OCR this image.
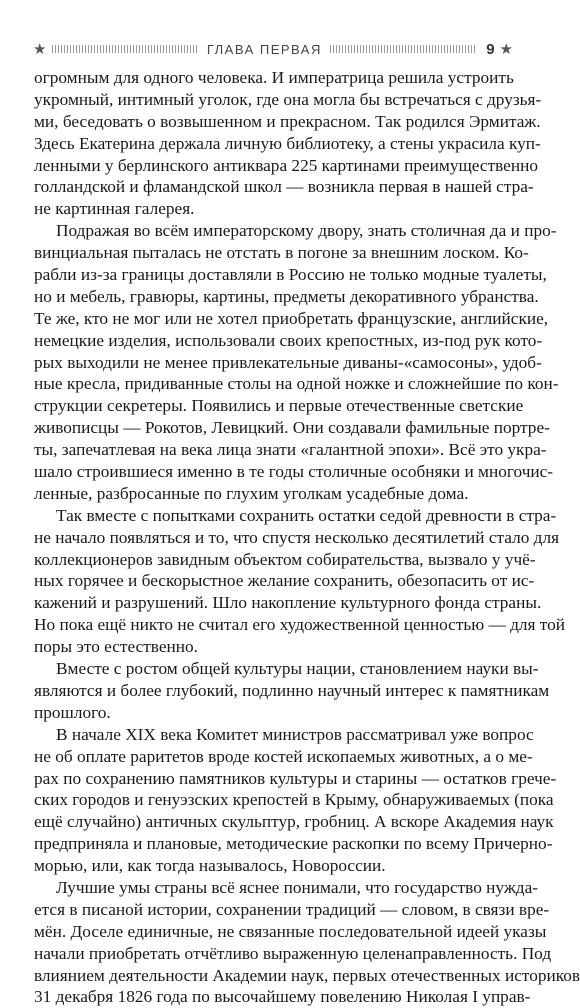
★	ГЛАВА ПЕРВАЯ	9 ★
огромным для одного человека. И императрица решила устроить
укромный, интимный уголок, где она могла бы встречаться с друзья-
ми, беседовать о возвышенном и прекрасном. Так родился Эрмитаж.
Здесь Екатерина держала личную библиотеку, а стены украсила куп-
ленными у берлинского антиквара 225 картинами преимущественно
голландской и фламандской школ — возникла первая в нашей стра-
не картинная галерея.
Подражая во всём императорскому двору, знать столичная да и про-
винциальная пыталась не отстать в погоне за внешним лоском. Ко-
рабли из-за границы доставляли в Россию не только модные туалеты,
но и мебель, гравюры, картины, предметы декоративного убранства.
Те же, кто не мог или не хотел приобретать французские, английские,
немецкие изделия, использовали своих крепостных, из-под рук кото-
рых выходили не менее привлекательные диваны-«самосоны», удоб-
ные кресла, придиванные столы на одной ножке и сложнейшие по кон-
струкции секретеры. Появились и первые отечественные светские
живописцы — Рокотов, Левицкий. Они создавали фамильные портре-
ты, запечатлевая на века лица знати «галантной эпохи». Всё это укра-
шало строившиеся именно в те годы столичные особняки и многочис-
ленные, разбросанные по глухим уголкам усадебные дома.
Так вместе с попытками сохранить остатки седой древности в стра-
не начало появляться и то, что спустя несколько десятилетий стало для
коллекционеров завидным объектом собирательства, вызвало у учё-
ных горячее и бескорыстное желание сохранить, обезопасить от ис-
кажений и разрушений. Шло накопление культурного фонда страны.
Но пока ещё никто не считал его художественной ценностью — для той
поры это естественно.
Вместе с ростом общей культуры нации, становлением науки вы-
являются и более глубокий, подлинно научный интерес к памятникам
прошлого.
В начале XIX века Комитет министров рассматривал уже вопрос
не об оплате раритетов вроде костей ископаемых животных, а о ме-
рах по сохранению памятников культуры и старины — остатков грече-
ских городов и генуэзских крепостей в Крыму, обнаруживаемых (пока
ещё случайно) античных скульптур, гробниц. А вскоре Академия наук
предприняла и плановые, методические раскопки по всему Причерно-
морью, или, как тогда называлось, Новороссии.
Лучшие умы страны всё яснее понимали, что государство нужда-
ется в писаной истории, сохранении традиций — словом, в связи вре-
мён. Доселе единичные, не связанные последовательной идеей указы
начали приобретать отчётливо выраженную целенаправленность. Под
влиянием деятельности Академии наук, первых отечественных историков
31 декабря 1826 года по высочайшему повелению Николая I управ-
